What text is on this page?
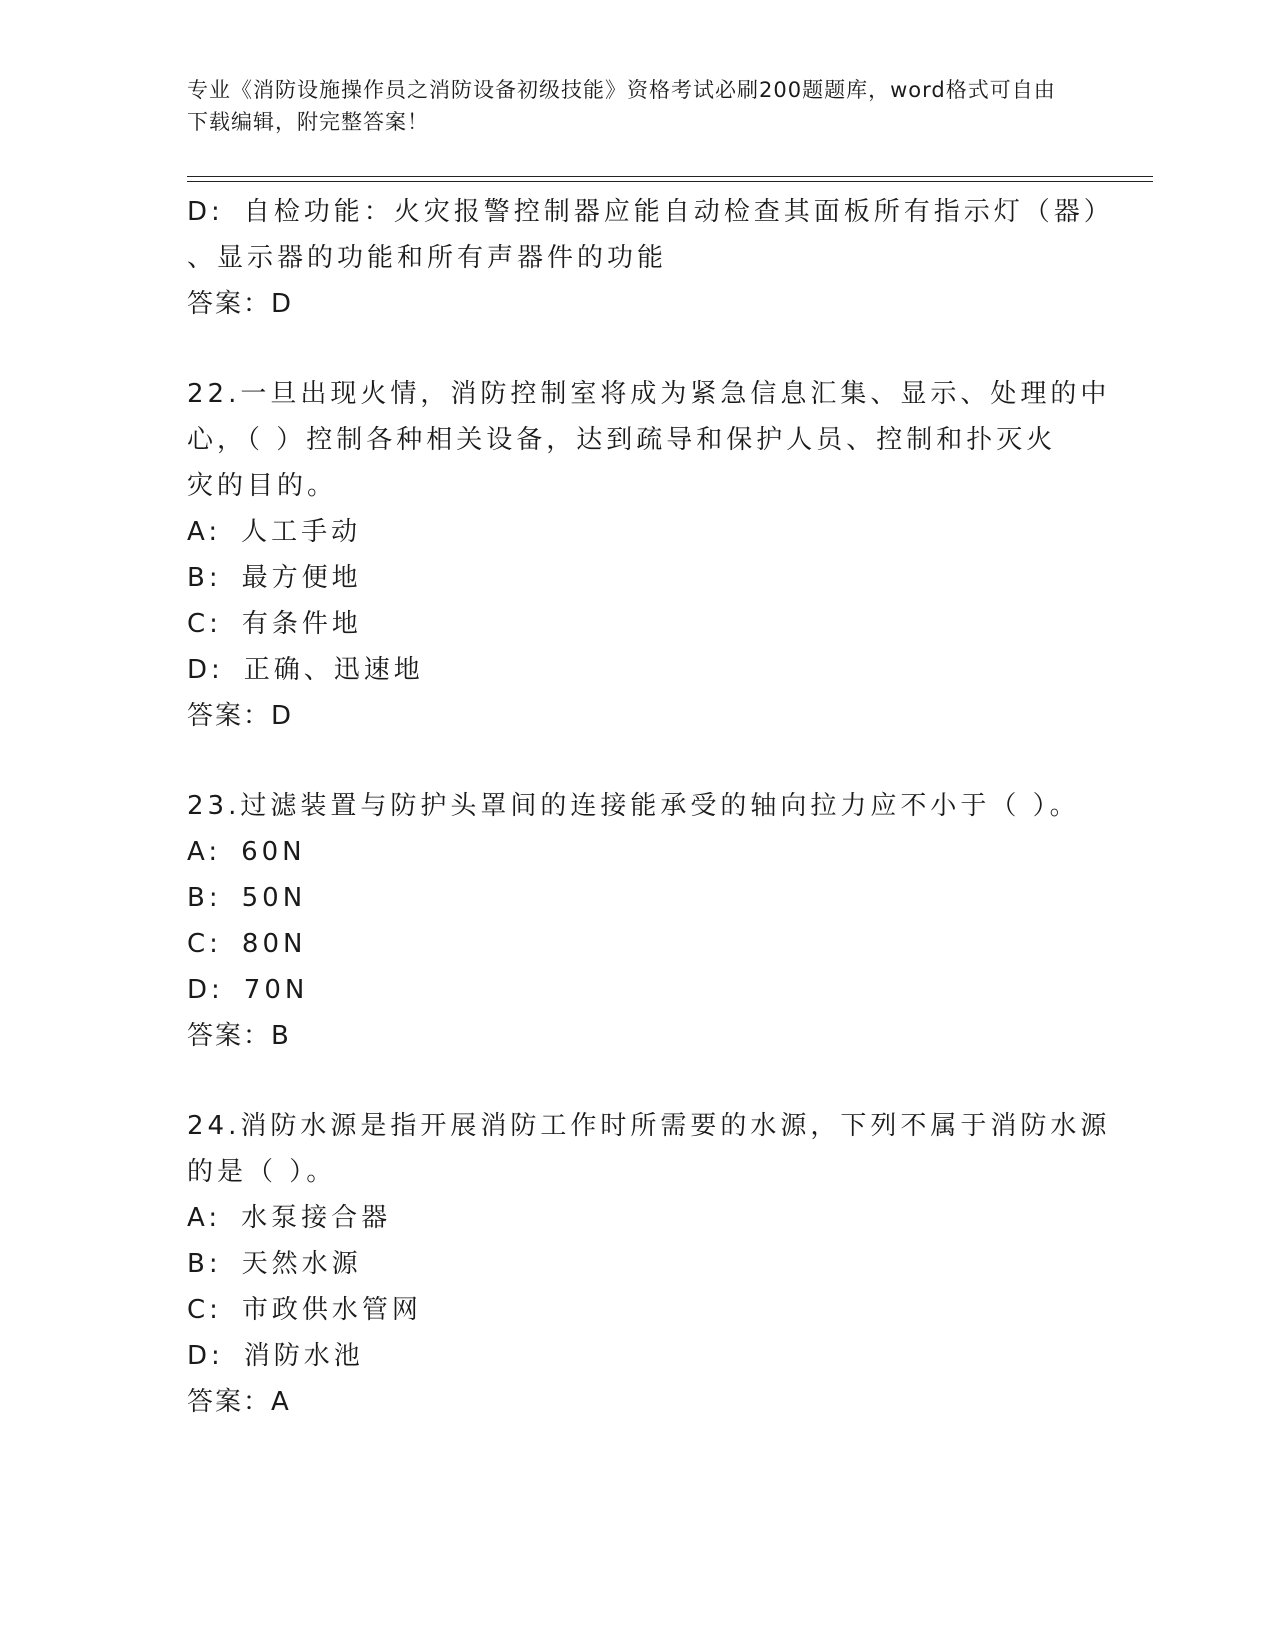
专业《消防设施操作员之消防设备初级技能》资格考试必刷200题题库，word格式可自由下载编辑，附完整答案！
D: 自检功能：火灾报警控制器应能自动检查其面板所有指示灯（器）
、显示器的功能和所有声器件的功能
答案：D
22.一旦出现火情，消防控制室将成为紧急信息汇集、显示、处理的中
心，（ ）控制各种相关设备，达到疏导和保护人员、控制和扑灭火
灾的目的。
A: 人工手动
B: 最方便地
C: 有条件地
D: 正确、迅速地
答案：D
23.过滤装置与防护头罩间的连接能承受的轴向拉力应不小于（ ）。
A: 60N
B: 50N
C: 80N
D: 70N
答案：B
24.消防水源是指开展消防工作时所需要的水源，下列不属于消防水源
的是（ ）。
A: 水泵接合器
B: 天然水源
C: 市政供水管网
D: 消防水池
答案：A
